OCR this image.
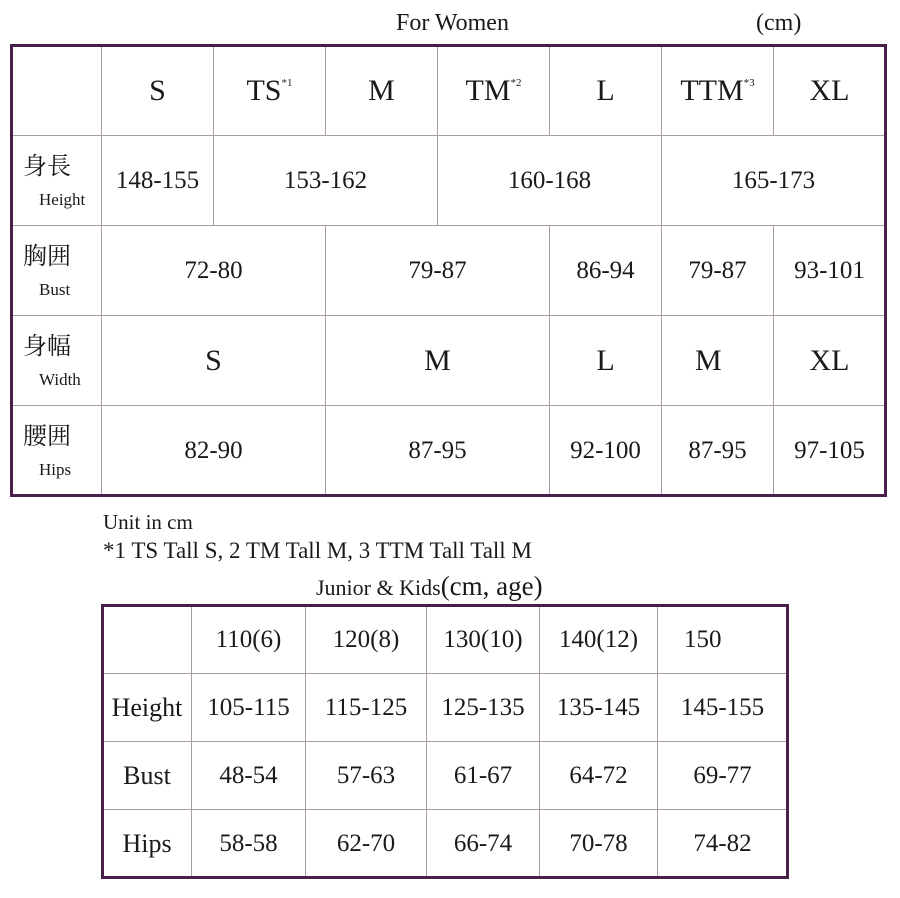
For Women	(cm)
	S	TS$^{*1}$	M	TM$^{*2}$	L	TTM$^{*3}$	XL

身長
Height	148-155	153-162		160-168		165-173	

胸囲
Bust	72-80		79-87		86-94	79-87	93-101

身幅
Width	S		M		L	M	XL

腰囲
Hips	82-90		87-95		92-100	87-95	97-105
Unit in cm
*1 TS Tall S, 2 TM Tall M, 3 TTM Tall Tall M
Junior & Kids(cm, age)
	110(6)	120(8)	130(10)	140(12)	150
Height	105-115	115-125	125-135	135-145	145-155
Bust	48-54	57-63	61-67	64-72	69-77
Hips	58-58	62-70	66-74	70-78	74-82
